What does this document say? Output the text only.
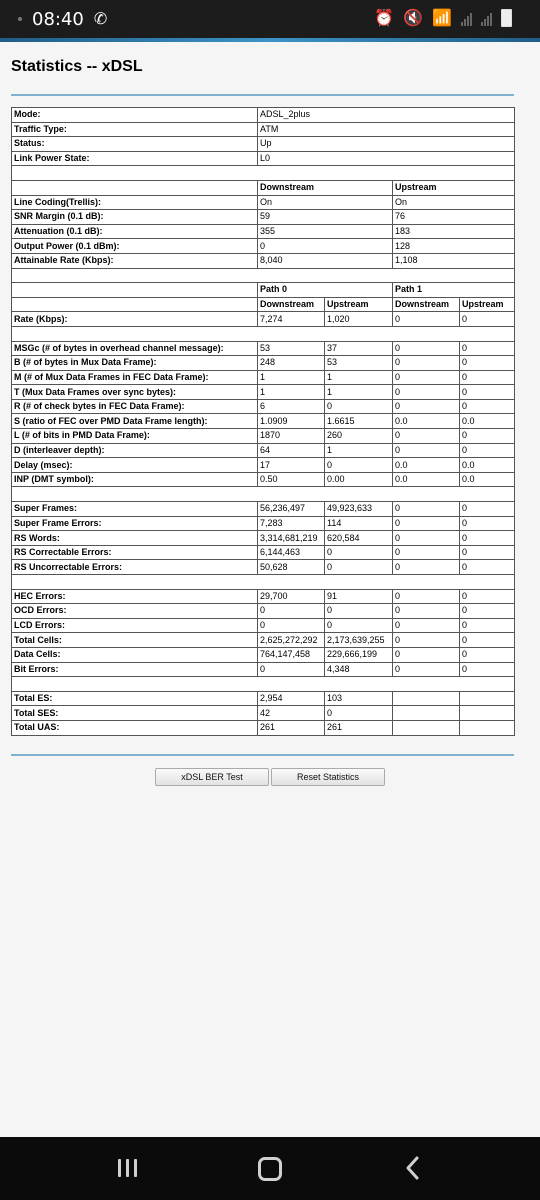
08:40 ✆	⏰ 🔇 📶
Statistics -- xDSL
Mode:	ADSL_2plus			
Traffic Type:	ATM			
Status:	Up			
Link Power State:	L0			

	Downstream		Upstream	
Line Coding(Trellis):	On		On	
SNR Margin (0.1 dB):	59		76	
Attenuation (0.1 dB):	355		183	
Output Power (0.1 dBm):	0		128	
Attainable Rate (Kbps):	8,040		1,108	

	Path 0		Path 1	
	Downstream	Upstream	Downstream	Upstream
Rate (Kbps):	7,274	1,020	0	0

MSGc (# of bytes in overhead channel message):	53	37	0	0
B (# of bytes in Mux Data Frame):	248	53	0	0
M (# of Mux Data Frames in FEC Data Frame):	1	1	0	0
T (Mux Data Frames over sync bytes):	1	1	0	0
R (# of check bytes in FEC Data Frame):	6	0	0	0
S (ratio of FEC over PMD Data Frame length):	1.0909	1.6615	0.0	0.0
L (# of bits in PMD Data Frame):	1870	260	0	0
D (interleaver depth):	64	1	0	0
Delay (msec):	17	0	0.0	0.0
INP (DMT symbol):	0.50	0.00	0.0	0.0

Super Frames:	56,236,497	49,923,633	0	0
Super Frame Errors:	7,283	114	0	0
RS Words:	3,314,681,219	620,584	0	0
RS Correctable Errors:	6,144,463	0	0	0
RS Uncorrectable Errors:	50,628	0	0	0

HEC Errors:	29,700	91	0	0
OCD Errors:	0	0	0	0
LCD Errors:	0	0	0	0
Total Cells:	2,625,272,292	2,173,639,255	0	0
Data Cells:	764,147,458	229,666,199	0	0
Bit Errors:	0	4,348	0	0

Total ES:	2,954	103		
Total SES:	42	0		
Total UAS:	261	261		
xDSL BER Test	Reset Statistics
